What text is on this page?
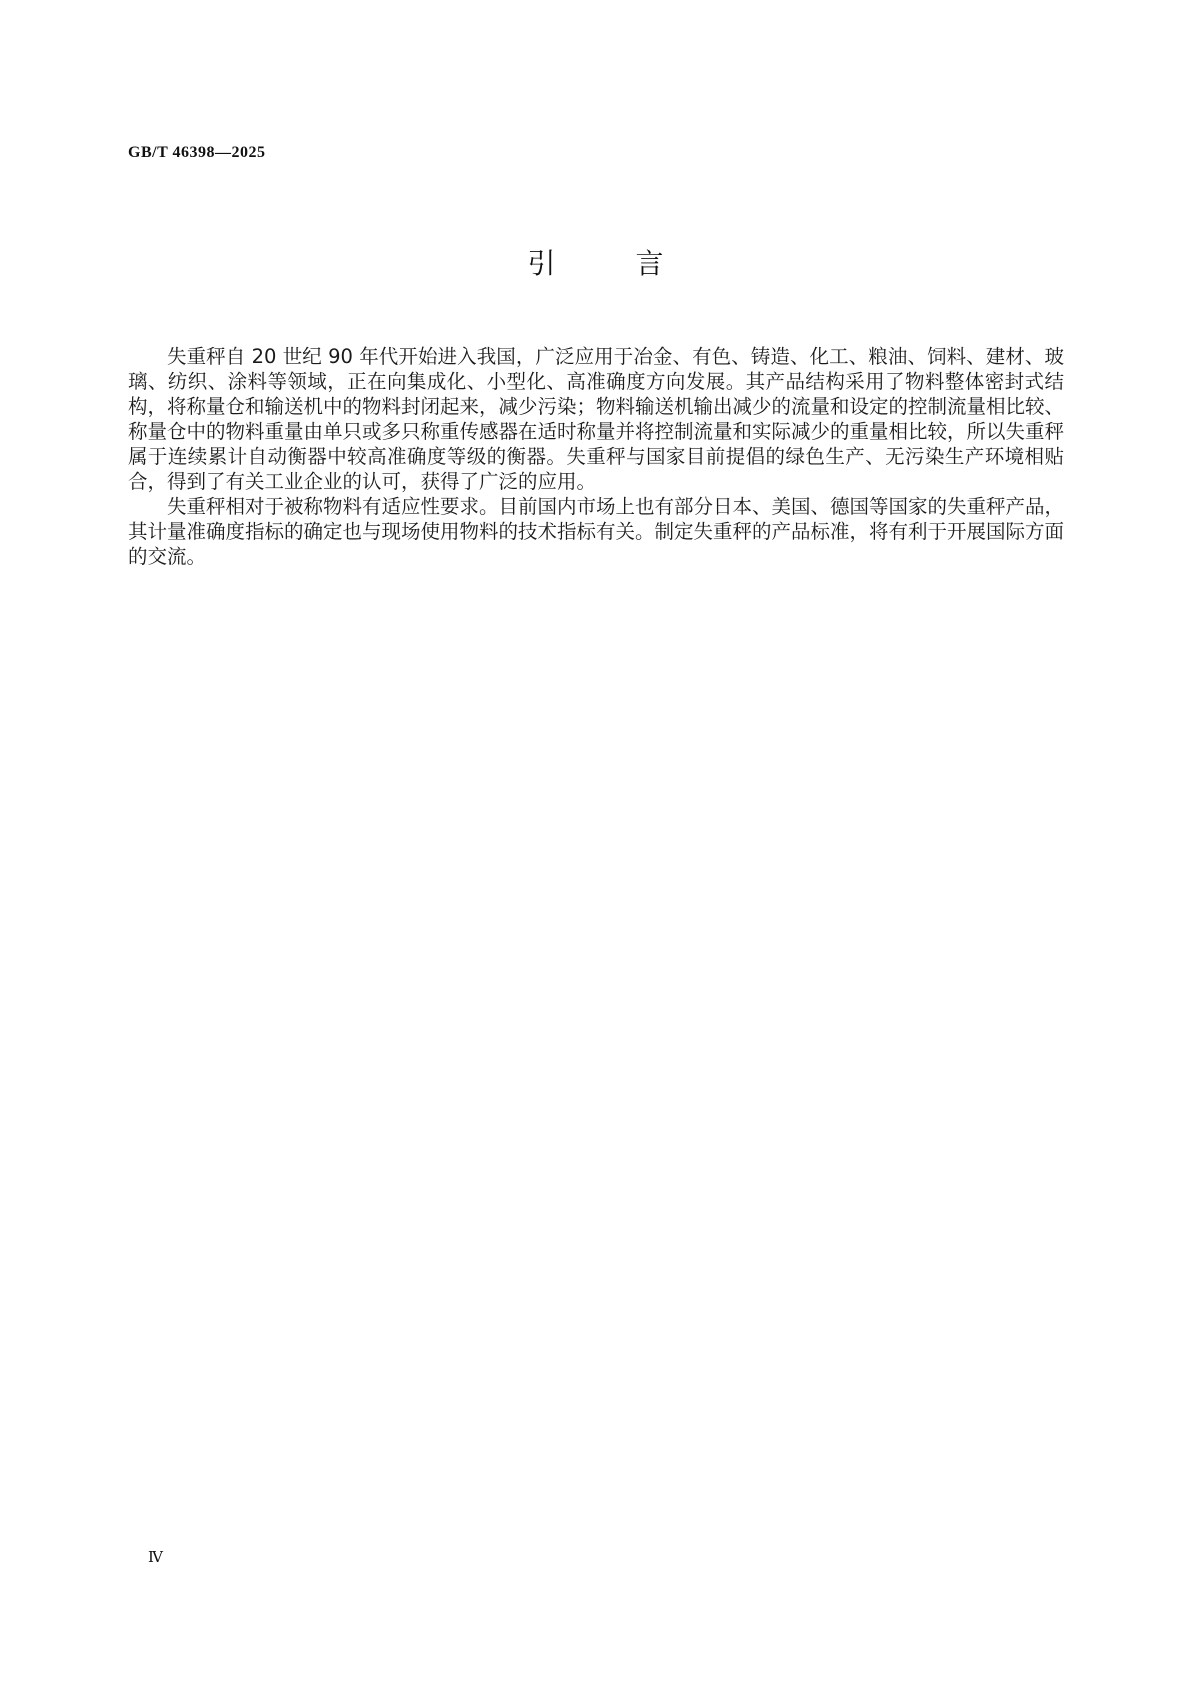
GB/T 46398—2025
引言

失重秤自 20 世纪 90 年代开始进入我国，广泛应用于冶金、有色、铸造、化工、粮油、饲料、建材、玻璃、纺织、涂料等领域，正在向集成化、小型化、高准确度方向发展。其产品结构采用了物料整体密封式结构，将称量仓和输送机中的物料封闭起来，减少污染；物料输送机输出减少的流量和设定的控制流量相比较、称量仓中的物料重量由单只或多只称重传感器在适时称量并将控制流量和实际减少的重量相比较，所以失重秤属于连续累计自动衡器中较高准确度等级的衡器。失重秤与国家目前提倡的绿色生产、无污染生产环境相贴合，得到了有关工业企业的认可，获得了广泛的应用。

失重秤相对于被称物料有适应性要求。目前国内市场上也有部分日本、美国、德国等国家的失重秤产品，其计量准确度指标的确定也与现场使用物料的技术指标有关。制定失重秤的产品标准，将有利于开展国际方面的交流。

Ⅳ
